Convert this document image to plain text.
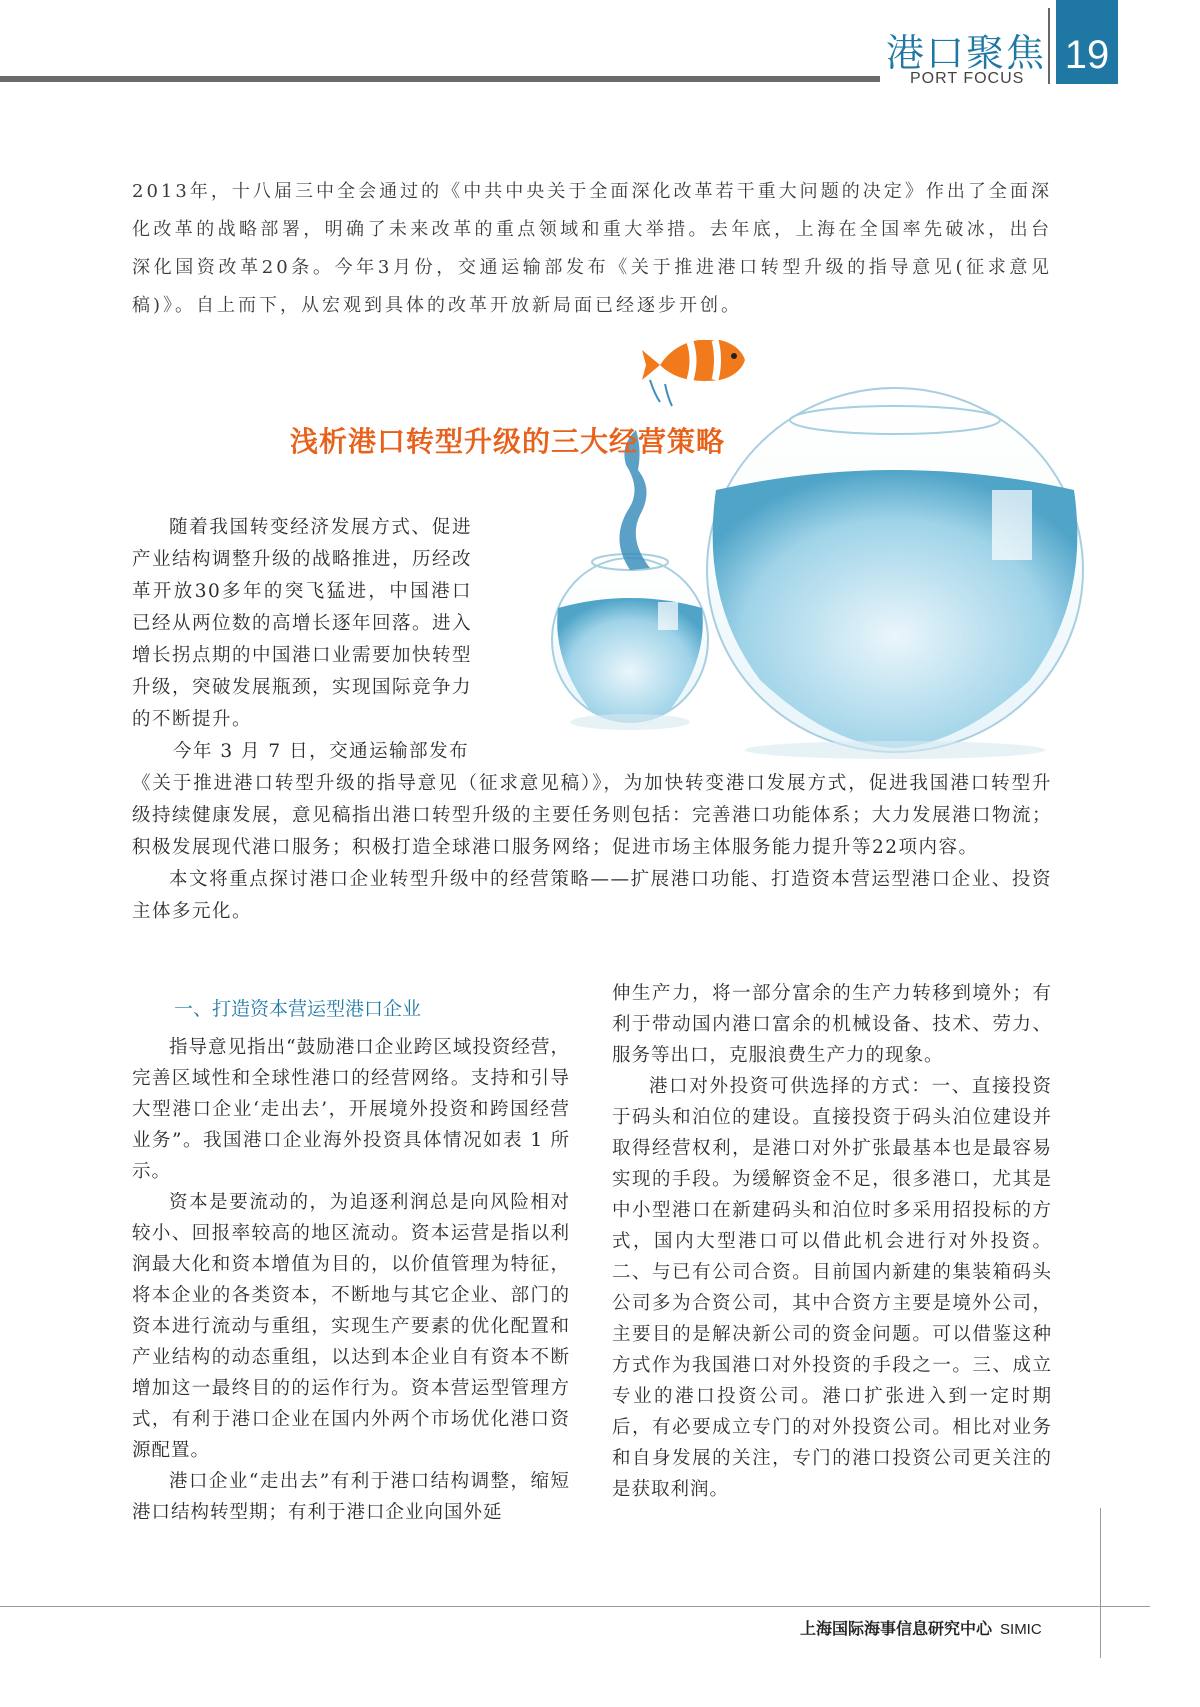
港口聚焦
PORT FOCUS
19

2013年，十八届三中全会通过的《中共中央关于全面深化改革若干重大问题的决定》作出了全面深化改革的战略部署，明确了未来改革的重点领域和重大举措。去年底，上海在全国率先破冰，出台深化国资改革20条。今年3月份，交通运输部发布《关于推进港口转型升级的指导意见(征求意见稿)》。自上而下，从宏观到具体的改革开放新局面已经逐步开创。

浅析港口转型升级的三大经营策略

随着我国转变经济发展方式、促进产业结构调整升级的战略推进，历经改革开放30多年的突飞猛进，中国港口已经从两位数的高增长逐年回落。进入增长拐点期的中国港口业需要加快转型升级，突破发展瓶颈，实现国际竞争力的不断提升。

今年 3 月 7 日，交通运输部发布
《关于推进港口转型升级的指导意见（征求意见稿）》，为加快转变港口发展方式，促进我国港口转型升级持续健康发展，意见稿指出港口转型升级的主要任务则包括：完善港口功能体系；大力发展港口物流；积极发展现代港口服务；积极打造全球港口服务网络；促进市场主体服务能力提升等22项内容。

本文将重点探讨港口企业转型升级中的经营策略——扩展港口功能、打造资本营运型港口企业、投资主体多元化。

一、打造资本营运型港口企业

指导意见指出“鼓励港口企业跨区域投资经营，完善区域性和全球性港口的经营网络。支持和引导大型港口企业‘走出去’，开展境外投资和跨国经营业务”。我国港口企业海外投资具体情况如表 1 所示。

资本是要流动的，为追逐利润总是向风险相对较小、回报率较高的地区流动。资本运营是指以利润最大化和资本增值为目的，以价值管理为特征，将本企业的各类资本，不断地与其它企业、部门的资本进行流动与重组，实现生产要素的优化配置和产业结构的动态重组，以达到本企业自有资本不断增加这一最终目的的运作行为。资本营运型管理方式，有利于港口企业在国内外两个市场优化港口资源配置。

港口企业“走出去”有利于港口结构调整，缩短港口结构转型期；有利于港口企业向国外延

伸生产力，将一部分富余的生产力转移到境外；有利于带动国内港口富余的机械设备、技术、劳力、服务等出口，克服浪费生产力的现象。

港口对外投资可供选择的方式：一、直接投资于码头和泊位的建设。直接投资于码头泊位建设并取得经营权利，是港口对外扩张最基本也是最容易实现的手段。为缓解资金不足，很多港口，尤其是中小型港口在新建码头和泊位时多采用招投标的方式，国内大型港口可以借此机会进行对外投资。二、与已有公司合资。目前国内新建的集装箱码头公司多为合资公司，其中合资方主要是境外公司，主要目的是解决新公司的资金问题。可以借鉴这种方式作为我国港口对外投资的手段之一。三、成立专业的港口投资公司。港口扩张进入到一定时期后，有必要成立专门的对外投资公司。相比对业务和自身发展的关注，专门的港口投资公司更关注的是获取利润。

上海国际海事信息研究中心 SIMIC
